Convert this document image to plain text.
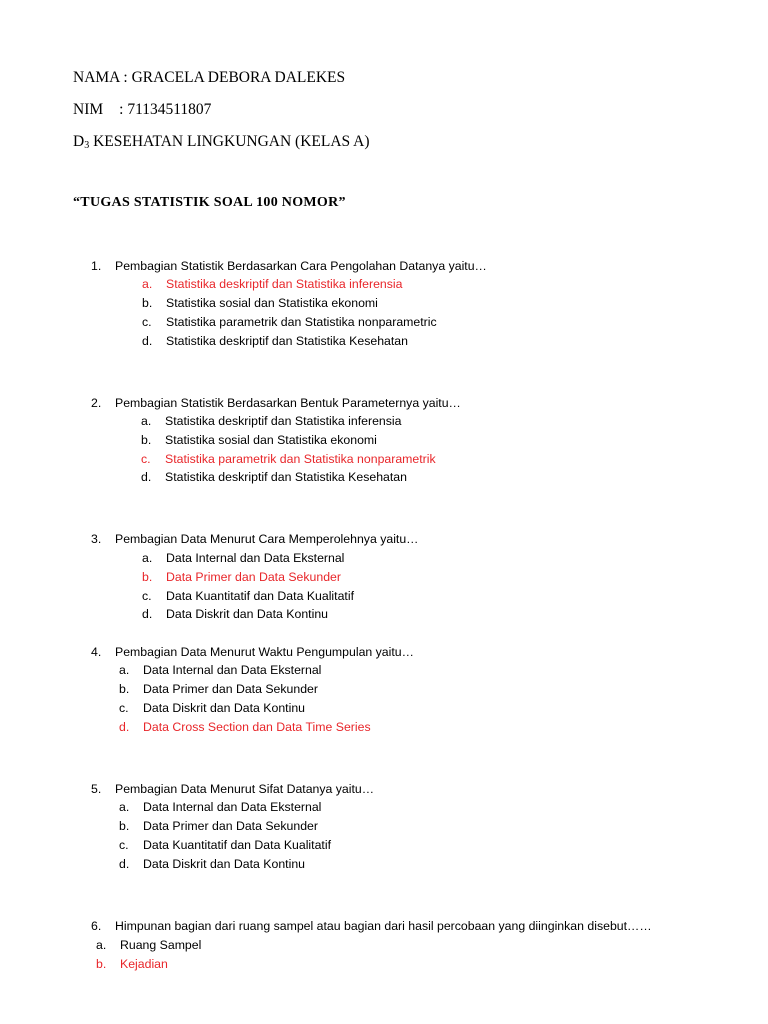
NAMA : GRACELA DEBORA DALEKES
NIM : 71134511807
$D_3$ KESEHATAN LINGKUNGAN (KELAS A)
“TUGAS STATISTIK SOAL 100 NOMOR”
1. Pembagian Statistik Berdasarkan Cara Pengolahan Datanya yaitu…
a. Statistika deskriptif dan Statistika inferensia
b. Statistika sosial dan Statistika ekonomi
c. Statistika parametrik dan Statistika nonparametric
d. Statistika deskriptif dan Statistika Kesehatan
2. Pembagian Statistik Berdasarkan Bentuk Parameternya yaitu…
a. Statistika deskriptif dan Statistika inferensia
b. Statistika sosial dan Statistika ekonomi
c. Statistika parametrik dan Statistika nonparametrik
d. Statistika deskriptif dan Statistika Kesehatan
3. Pembagian Data Menurut Cara Memperolehnya yaitu…
a. Data Internal dan Data Eksternal
b. Data Primer dan Data Sekunder
c. Data Kuantitatif dan Data Kualitatif
d. Data Diskrit dan Data Kontinu
4. Pembagian Data Menurut Waktu Pengumpulan yaitu…
a. Data Internal dan Data Eksternal
b. Data Primer dan Data Sekunder
c. Data Diskrit dan Data Kontinu
d. Data Cross Section dan Data Time Series
5. Pembagian Data Menurut Sifat Datanya yaitu…
a. Data Internal dan Data Eksternal
b. Data Primer dan Data Sekunder
c. Data Kuantitatif dan Data Kualitatif
d. Data Diskrit dan Data Kontinu
6. Himpunan bagian dari ruang sampel atau bagian dari hasil percobaan yang diinginkan disebut……
a. Ruang Sampel
b. Kejadian
